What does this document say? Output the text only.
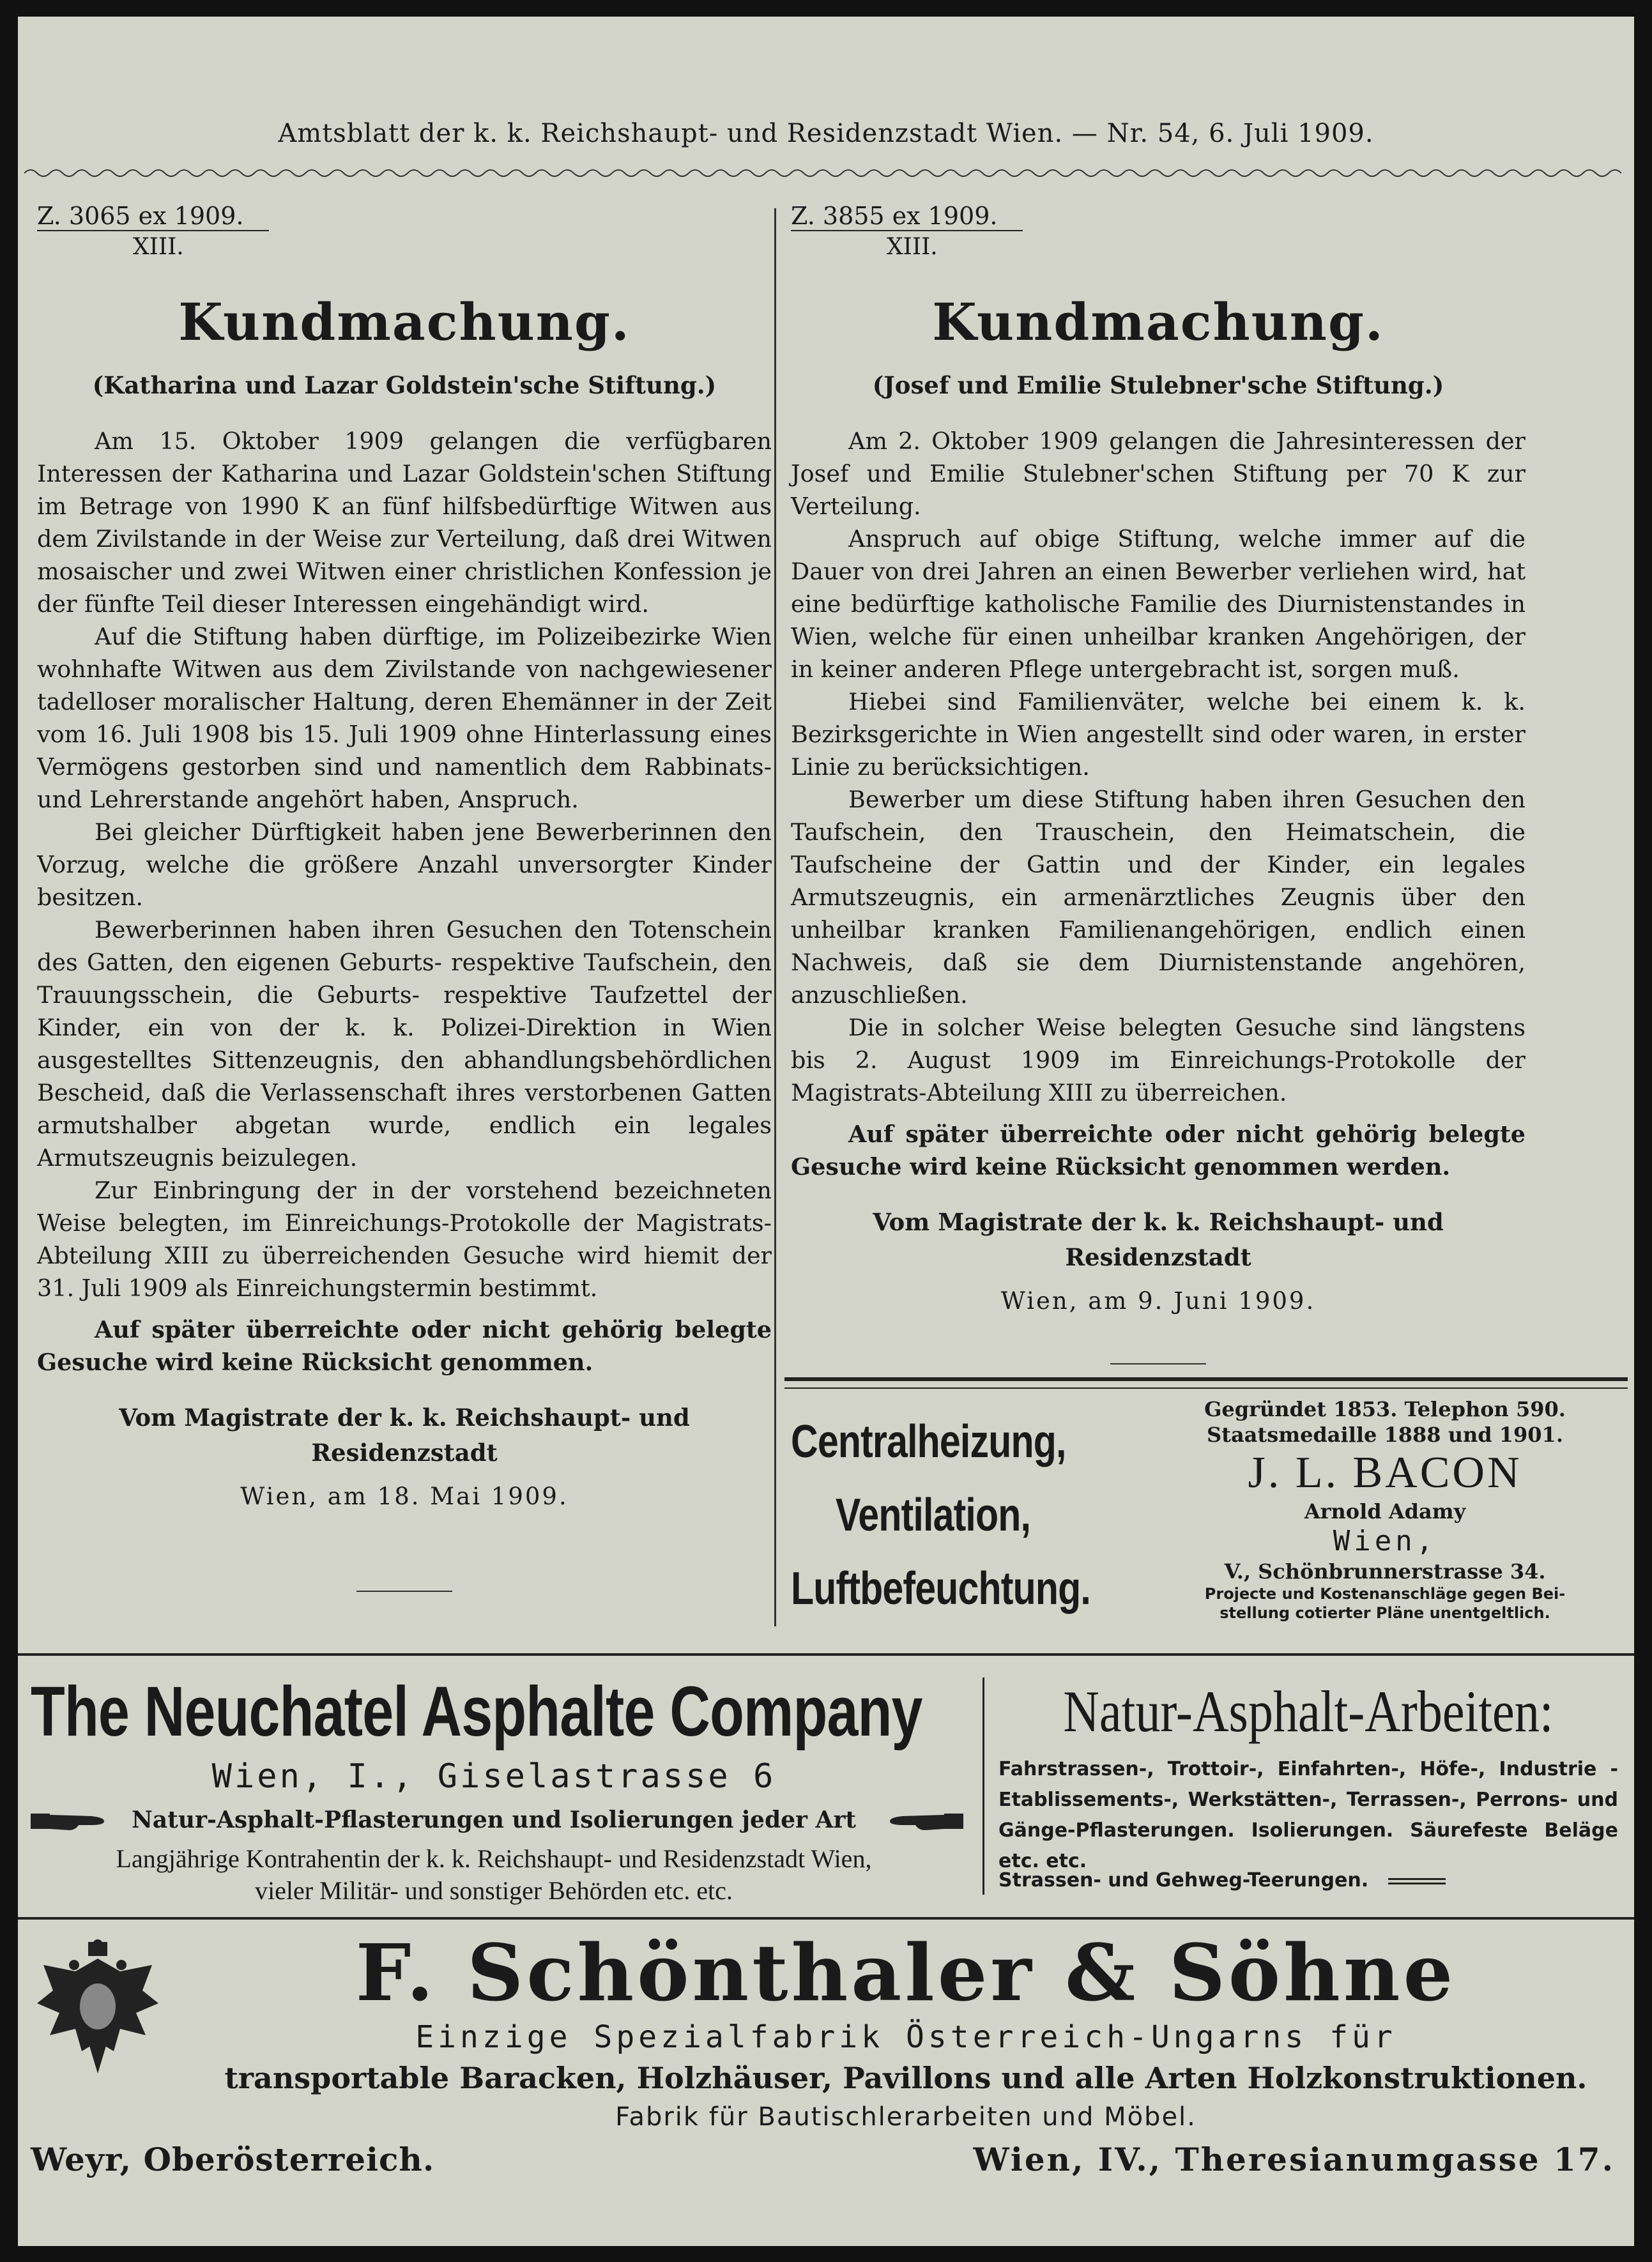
Amtsblatt der k. k. Reichshaupt- und Residenzstadt Wien. — Nr. 54, 6. Juli 1909.
Z. 3065 ex 1909.
XIII.
Kundmachung.
(Katharina und Lazar Goldstein'sche Stiftung.)

Am 15. Oktober 1909 gelangen die verfügbaren Interessen der Katharina und Lazar Goldstein'schen Stiftung im Betrage von 1990 K an fünf hilfsbedürftige Witwen aus dem Zivilstande in der Weise zur Verteilung, daß drei Witwen mosaischer und zwei Witwen einer christlichen Konfession je der fünfte Teil dieser Interessen eingehändigt wird.

Auf die Stiftung haben dürftige, im Polizeibezirke Wien wohnhafte Witwen aus dem Zivilstande von nachgewiesener tadelloser moralischer Haltung, deren Ehemänner in der Zeit vom 16. Juli 1908 bis 15. Juli 1909 ohne Hinterlassung eines Vermögens gestorben sind und namentlich dem Rabbinats- und Lehrerstande angehört haben, Anspruch.

Bei gleicher Dürftigkeit haben jene Bewerberinnen den Vorzug, welche die größere Anzahl unversorgter Kinder besitzen.

Bewerberinnen haben ihren Gesuchen den Totenschein des Gatten, den eigenen Geburts- respektive Taufschein, den Trauungsschein, die Geburts- respektive Taufzettel der Kinder, ein von der k. k. Polizei-Direktion in Wien ausgestelltes Sittenzeugnis, den abhandlungsbehördlichen Bescheid, daß die Verlassenschaft ihres verstorbenen Gatten armutshalber abgetan wurde, endlich ein legales Armutszeugnis beizulegen.

Zur Einbringung der in der vorstehend bezeichneten Weise belegten, im Einreichungs-Protokolle der Magistrats-Abteilung XIII zu überreichenden Gesuche wird hiemit der 31. Juli 1909 als Einreichungstermin bestimmt.

Auf später überreichte oder nicht gehörig belegte Gesuche wird keine Rücksicht genommen.

Vom Magistrate der k. k. Reichshaupt- und Residenzstadt
Wien, am 18. Mai 1909.
Z. 3855 ex 1909.
XIII.
Kundmachung.
(Josef und Emilie Stulebner'sche Stiftung.)

Am 2. Oktober 1909 gelangen die Jahresinteressen der Josef und Emilie Stulebner'schen Stiftung per 70 K zur Verteilung.

Anspruch auf obige Stiftung, welche immer auf die Dauer von drei Jahren an einen Bewerber verliehen wird, hat eine bedürftige katholische Familie des Diurnistenstandes in Wien, welche für einen unheilbar kranken Angehörigen, der in keiner anderen Pflege untergebracht ist, sorgen muß.

Hiebei sind Familienväter, welche bei einem k. k. Bezirksgerichte in Wien angestellt sind oder waren, in erster Linie zu berücksichtigen.

Bewerber um diese Stiftung haben ihren Gesuchen den Taufschein, den Trauschein, den Heimatschein, die Taufscheine der Gattin und der Kinder, ein legales Armutszeugnis, ein armenärztliches Zeugnis über den unheilbar kranken Familienangehörigen, endlich einen Nachweis, daß sie dem Diurnistenstande angehören, anzuschließen.

Die in solcher Weise belegten Gesuche sind längstens bis 2. August 1909 im Einreichungs-Protokolle der Magistrats-Abteilung XIII zu überreichen.

Auf später überreichte oder nicht gehörig belegte Gesuche wird keine Rücksicht genommen werden.

Vom Magistrate der k. k. Reichshaupt- und Residenzstadt
Wien, am 9. Juni 1909.
Centralheizung,
Ventilation,
Luftbefeuchtung.
Gegründet 1853. Telephon 590.
Staatsmedaille 1888 und 1901.
J. L. BACON
Arnold Adamy
Wien,
V., Schönbrunnerstrasse 34.
Projecte und Kostenanschläge gegen Bei-
stellung cotierter Pläne unentgeltlich.
The Neuchatel Asphalte Company
Wien, I., Giselastrasse 6
Natur-Asphalt-Pflasterungen und Isolierungen jeder Art
Langjährige Kontrahentin der k. k. Reichshaupt- und Residenzstadt Wien,
vieler Militär- und sonstiger Behörden etc. etc.
Natur-Asphalt-Arbeiten:
Fahrstrassen-, Trottoir-, Einfahrten-, Höfe-, Industrie - Etablissements-, Werkstätten-, Terrassen-, Perrons- und Gänge-Pflasterungen. Isolierungen. Säurefeste Beläge etc. etc.
Strassen- und Gehweg-Teerungen.
F. Schönthaler & Söhne
Einzige Spezialfabrik Österreich-Ungarns für
transportable Baracken, Holzhäuser, Pavillons und alle Arten Holzkonstruktionen.
Fabrik für Bautischlerarbeiten und Möbel.
Weyr, Oberösterreich.	Wien, IV., Theresianumgasse 17.
